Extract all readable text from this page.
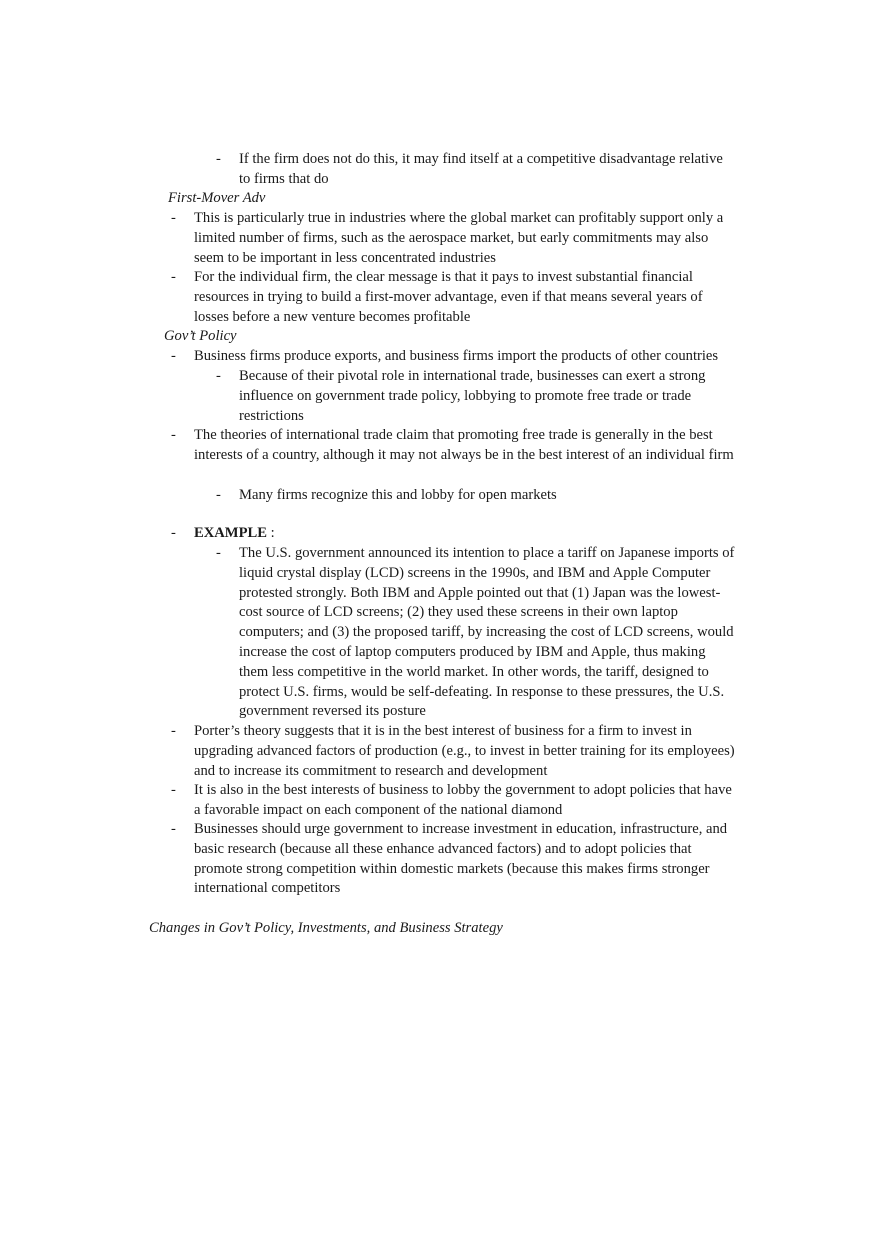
- If the firm does not do this, it may find itself at a competitive disadvantage relative to firms that do
First-Mover Adv
- This is particularly true in industries where the global market can profitably support only a limited number of firms, such as the aerospace market, but early commitments may also seem to be important in less concentrated industries
- For the individual firm, the clear message is that it pays to invest substantial financial resources in trying to build a first-mover advantage, even if that means several years of losses before a new venture becomes profitable
Gov’t Policy
- Business firms produce exports, and business firms import the products of other countries
- Because of their pivotal role in international trade, businesses can exert a strong influence on government trade policy, lobbying to promote free trade or trade restrictions
- The theories of international trade claim that promoting free trade is generally in the best interests of a country, although it may not always be in the best interest of an individual firm
- Many firms recognize this and lobby for open markets
- EXAMPLE :
- The U.S. government announced its intention to place a tariff on Japanese imports of liquid crystal display (LCD) screens in the 1990s, and IBM and Apple Computer protested strongly. Both IBM and Apple pointed out that (1) Japan was the lowest-cost source of LCD screens; (2) they used these screens in their own laptop computers; and (3) the proposed tariff, by increasing the cost of LCD screens, would increase the cost of laptop computers produced by IBM and Apple, thus making them less competitive in the world market. In other words, the tariff, designed to protect U.S. firms, would be self-defeating. In response to these pressures, the U.S. government reversed its posture
- Porter’s theory suggests that it is in the best interest of business for a firm to invest in upgrading advanced factors of production (e.g., to invest in better training for its employees) and to increase its commitment to research and development
- It is also in the best interests of business to lobby the government to adopt policies that have a favorable impact on each component of the national diamond
- Businesses should urge government to increase investment in education, infrastructure, and basic research (because all these enhance advanced factors) and to adopt policies that promote strong competition within domestic markets (because this makes firms stronger international competitors
Changes in Gov’t Policy, Investments, and Business Strategy
